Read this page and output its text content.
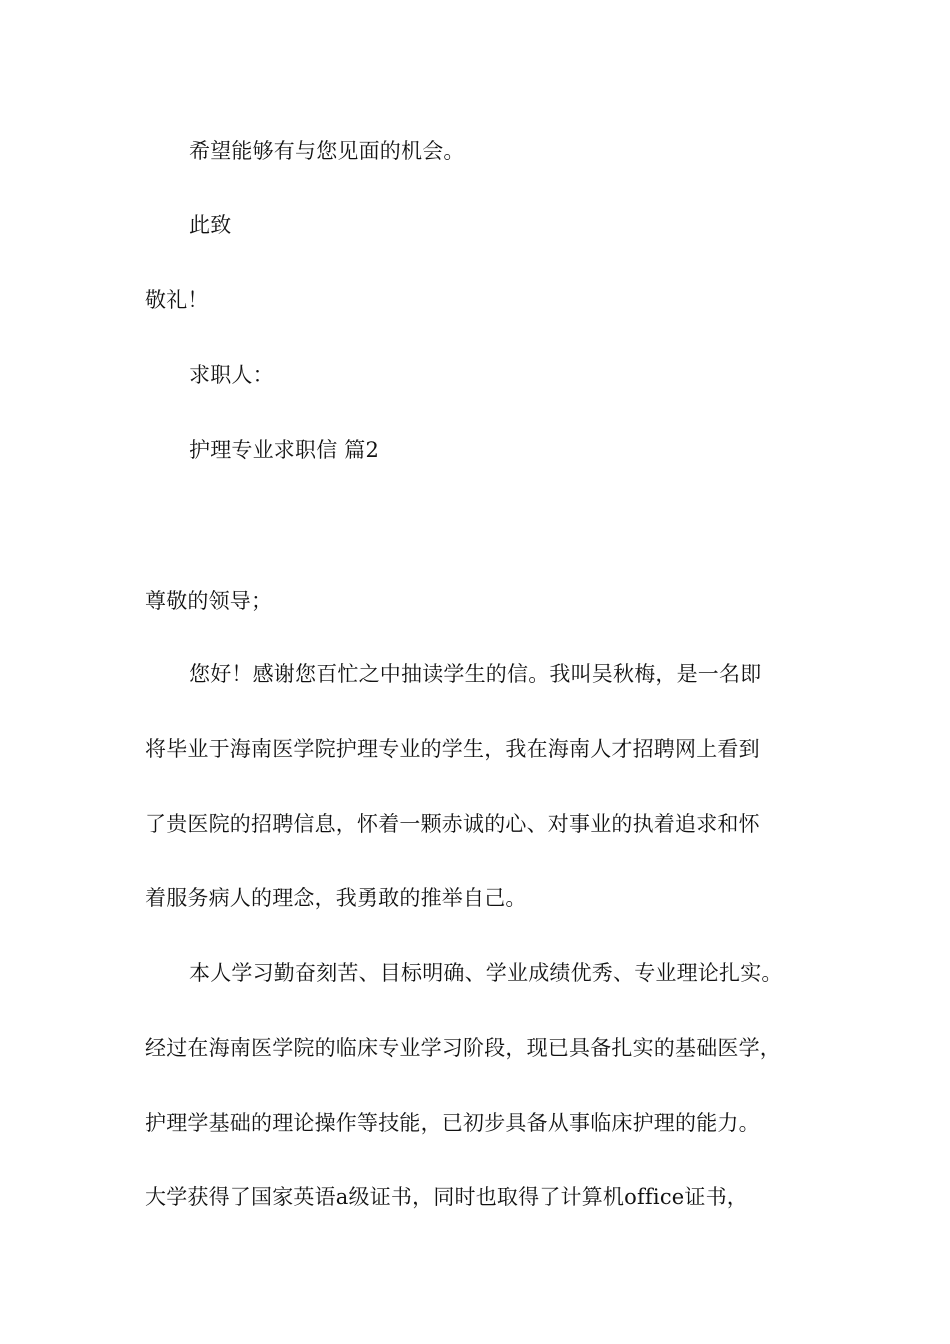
希望能够有与您见面的机会。
此致
敬礼！
求职人：
护理专业求职信 篇2
尊敬的领导；
您好！感谢您百忙之中抽读学生的信。我叫吴秋梅，是一名即
将毕业于海南医学院护理专业的学生，我在海南人才招聘网上看到
了贵医院的招聘信息，怀着一颗赤诚的心、对事业的执着追求和怀
着服务病人的理念，我勇敢的推举自己。
本人学习勤奋刻苦、目标明确、学业成绩优秀、专业理论扎实。
经过在海南医学院的临床专业学习阶段，现已具备扎实的基础医学，
护理学基础的理论操作等技能，已初步具备从事临床护理的能力。
大学获得了国家英语a级证书，同时也取得了计算机office证书，
